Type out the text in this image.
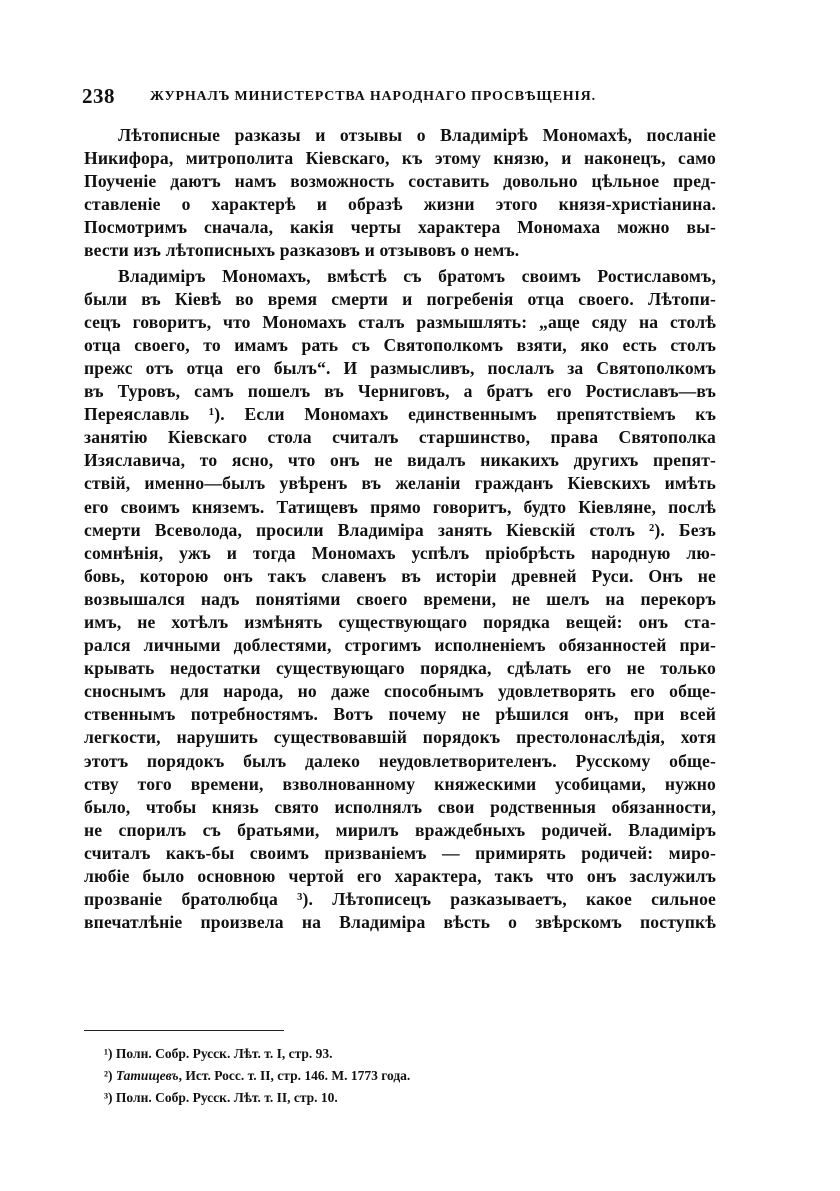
238	ЖУРНАЛЪ МИНИСТЕРСТВА НАРОДНАГО ПРОСВѢЩЕНІЯ.
Лѣтописные разказы и отзывы о Владимірѣ Мономахѣ, посланіе
Никифора, митрополита Кіевскаго, къ этому князю, и наконецъ, само
Поученіе даютъ намъ возможность составить довольно цѣльное пред-
ставленіе о характерѣ и образѣ жизни этого князя-христіанина.
Посмотримъ сначала, какія черты характера Мономаха можно вы-
вести изъ лѣтописныхъ разказовъ и отзывовъ о немъ.
Владиміръ Мономахъ, вмѣстѣ съ братомъ своимъ Ростиславомъ,
были въ Кіевѣ во время смерти и погребенія отца своего. Лѣтопи-
сецъ говоритъ, что Мономахъ сталъ размышлять: „аще сяду на столѣ
отца своего, то имамъ рать съ Святополкомъ взяти, яко есть столъ
прежс отъ отца его былъ“. И размысливъ, послалъ за Святополкомъ
въ Туровъ, самъ пошелъ въ Черниговъ, а братъ его Ростиславъ—въ
Переяславль ¹). Если Мономахъ единственнымъ препятствіемъ къ
занятію Кіевскаго стола считалъ старшинство, права Святополка
Изяславича, то ясно, что онъ не видалъ никакихъ другихъ препят-
ствій, именно—былъ увѣренъ въ желаніи гражданъ Кіевскихъ имѣть
его своимъ княземъ. Татищевъ прямо говоритъ, будто Кіевляне, послѣ
смерти Всеволода, просили Владиміра занять Кіевскій столъ ²). Безъ
сомнѣнія, ужъ и тогда Мономахъ успѣлъ пріобрѣсть народную лю-
бовь, которою онъ такъ славенъ въ исторіи древней Руси. Онъ не
возвышался надъ понятіями своего времени, не шелъ на перекоръ
имъ, не хотѣлъ измѣнять существующаго порядка вещей: онъ ста-
рался личными доблестями, строгимъ исполненіемъ обязанностей при-
крывать недостатки существующаго порядка, сдѣлать его не только
сноснымъ для народа, но даже способнымъ удовлетворять его обще-
ственнымъ потребностямъ. Вотъ почему не рѣшился онъ, при всей
легкости, нарушить существовавшій порядокъ престолонаслѣдія, хотя
этотъ порядокъ былъ далеко неудовлетворителенъ. Русскому обще-
ству того времени, взволнованному княжескими усобицами, нужно
было, чтобы князь свято исполнялъ свои родственныя обязанности,
не спорилъ съ братьями, мирилъ враждебныхъ родичей. Владиміръ
считалъ какъ-бы своимъ призваніемъ — примирять родичей: миро-
любіе было основною чертой его характера, такъ что онъ заслужилъ
прозваніе братолюбца ³). Лѣтописецъ разказываетъ, какое сильное
впечатлѣніе произвела на Владиміра вѣсть о звѣрскомъ поступкѣ
¹) Полн. Собр. Русск. Лѣт. т. I, стр. 93.
²) Татищевъ, Ист. Росс. т. II, стр. 146. М. 1773 года.
³) Полн. Собр. Русск. Лѣт. т. II, стр. 10.
